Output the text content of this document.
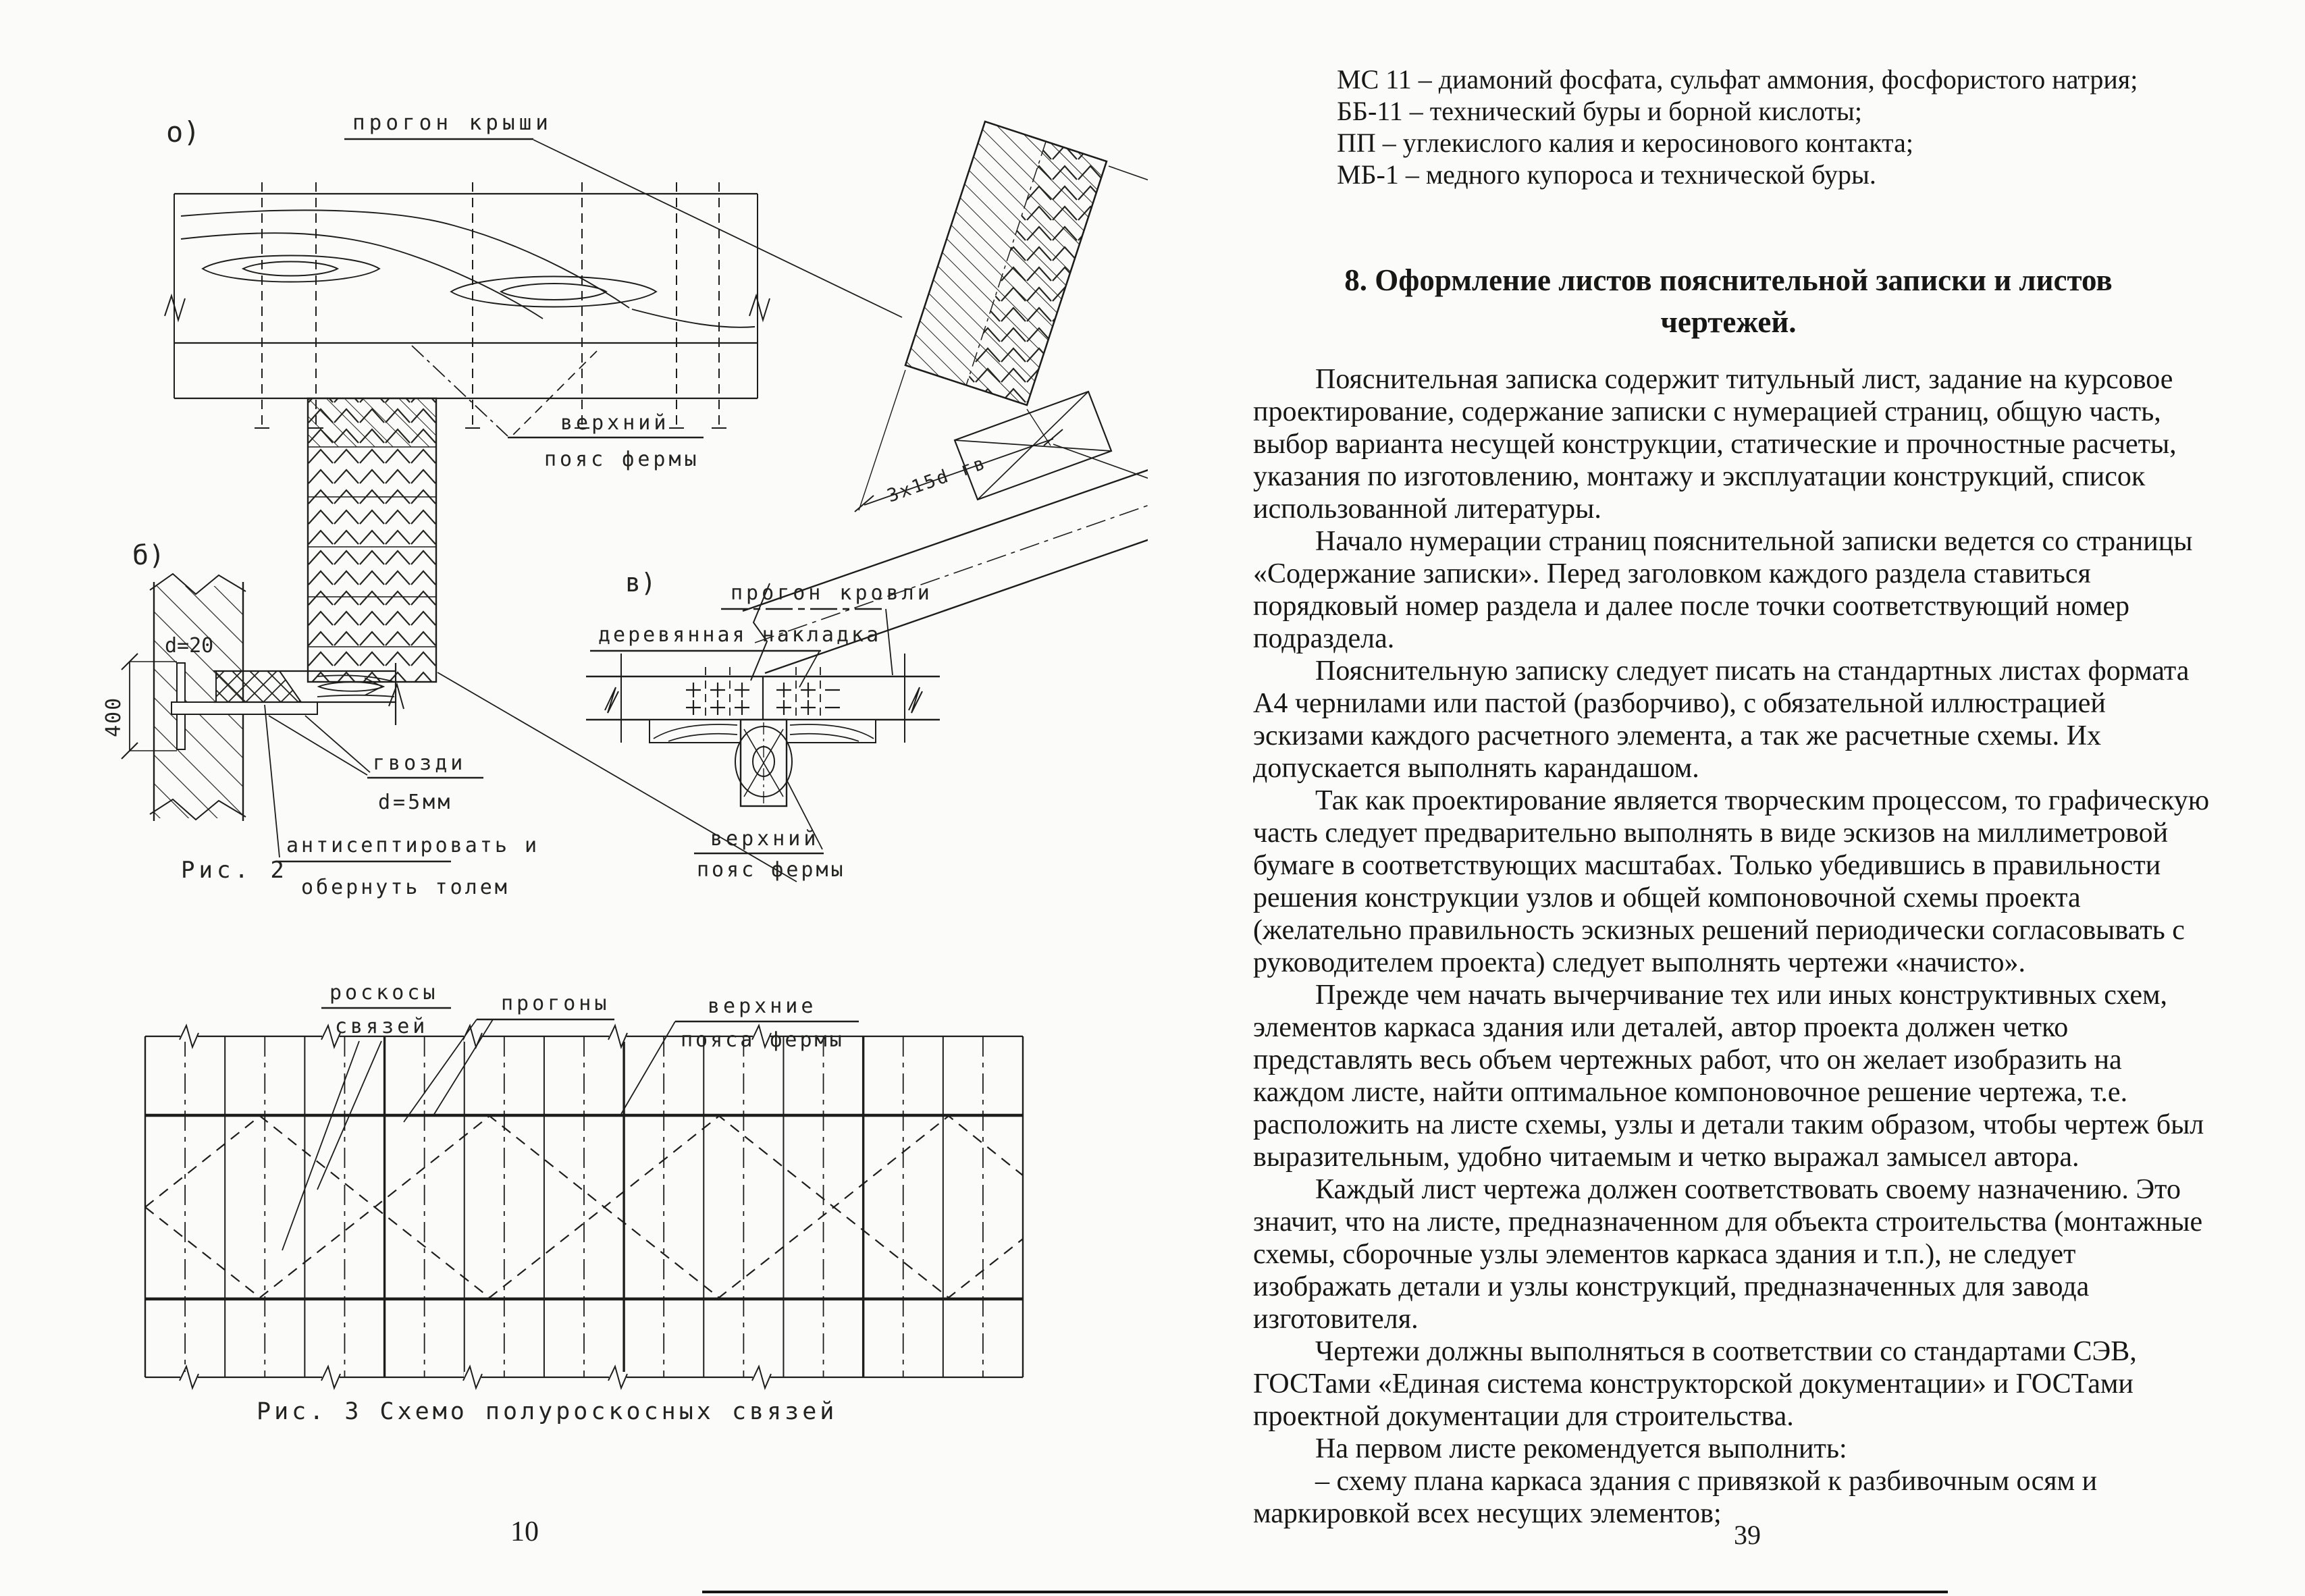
о)	прогон крыши
верхний
пояс фермы	3x15d гв
б)
d=20
400
гвозди
d=5мм
антисептировать и
обернуть толем
Рис. 2
в)	прогон кровли
деревянная накладка
верхний
пояс фермы
роскосы
связей
прогоны	верхние
пояса фермы
Рис. 3 Схемо полуроскосных связей
10
МС 11 – диамоний фосфата, сульфат аммония, фосфористого натрия;
ББ-11 – технический буры и борной кислоты;
ПП – углекислого калия и керосинового контакта;
МБ-1 – медного купороса и технической буры.
8. Оформление листов пояснительной записки и листов чертежей.

Пояснительная записка содержит титульный лист, задание на курсовое проектирование, содержание записки с нумерацией страниц, общую часть, выбор варианта несущей конструкции, статические и прочностные расчеты, указания по изготовлению, монтажу и эксплуатации конструкций, список использованной литературы.

Начало нумерации страниц пояснительной записки ведется со страницы «Содержание записки». Перед заголовком каждого раздела ставиться порядковый номер раздела и далее после точки соответствующий номер подраздела.

Пояснительную записку следует писать на стандартных листах формата А4 чернилами или пастой (разборчиво), с обязательной иллюстрацией эскизами каждого расчетного элемента, а так же расчетные схемы. Их допускается выполнять карандашом.

Так как проектирование является творческим процессом, то графическую часть следует предварительно выполнять в виде эскизов на миллиметровой бумаге в соответствующих масштабах. Только убедившись в правильности решения конструкции узлов и общей компоновочной схемы проекта (желательно правильность эскизных решений периодически согласовывать с руководителем проекта) следует выполнять чертежи «начисто».

Прежде чем начать вычерчивание тех или иных конструктивных схем, элементов каркаса здания или деталей, автор проекта должен четко представлять весь объем чертежных работ, что он желает изобразить на каждом листе, найти оптимальное компоновочное решение чертежа, т.е. расположить на листе схемы, узлы и детали таким образом, чтобы чертеж был выразительным, удобно читаемым и четко выражал замысел автора.

Каждый лист чертежа должен соответствовать своему назначению. Это значит, что на листе, предназначенном для объекта строительства (монтажные схемы, сборочные узлы элементов каркаса здания и т.п.), не следует изображать детали и узлы конструкций, предназначенных для завода изготовителя.

Чертежи должны выполняться в соответствии со стандартами СЭВ, ГОСТами «Единая система конструкторской документации» и ГОСТами проектной документации для строительства.

На первом листе рекомендуется выполнить:

– схему плана каркаса здания с привязкой к разбивочным осям и маркировкой всех несущих элементов;

39
